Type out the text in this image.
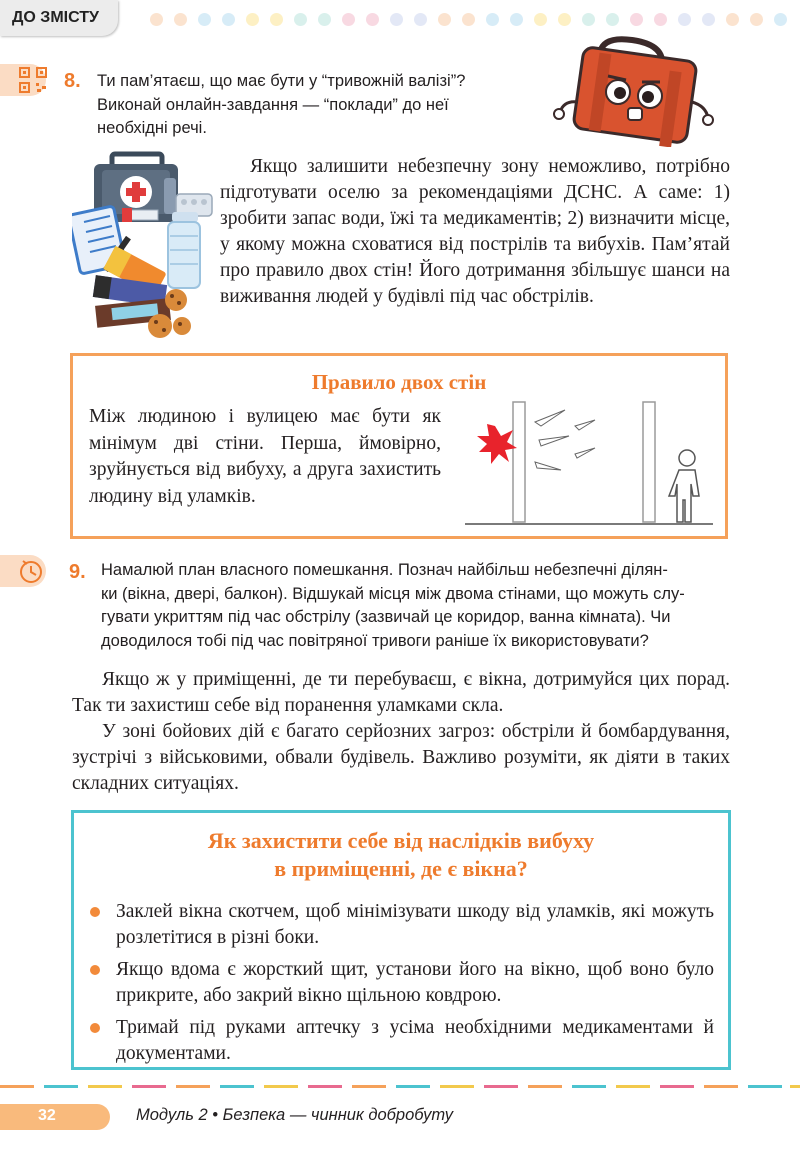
ДО ЗМІСТУ
8. Ти пам’ятаєш, що має бути у “тривожній валізі”?
Виконай онлайн-завдання — “поклади” до неї
необхідні речі.

Якщо залишити небезпечну зону неможливо, потрібно підготувати оселю за рекомендаціями ДСНС. А саме: 1) зробити запас води, їжі та медикаментів; 2) визначити місце, у якому можна сховатися від пострілів та вибухів. Пам’ятай про правило двох стін! Його дотримання збільшує шанси на виживання людей у будівлі під час обстрілів.

Правило двох стін

Між людиною і вулицею має бути як мінімум дві стіни. Перша, ймовірно, зруйнується від вибуху, а друга захистить людину від уламків.

9. Намалюй план власного помешкання. Познач найбільш небезпечні ділян-
ки (вікна, двері, балкон). Відшукай місця між двома стінами, що можуть слу-
гувати укриттям під час обстрілу (зазвичай це коридор, ванна кімната). Чи
доводилося тобі під час повітряної тривоги раніше їх використовувати?

Якщо ж у приміщенні, де ти перебуваєш, є вікна, дотримуйся цих порад. Так ти захистиш себе від поранення уламками скла.

У зоні бойових дій є багато серйозних загроз: обстріли й бомбардування, зустрічі з військовими, обвали будівель. Важливо розуміти, як діяти в таких складних ситуаціях.

Як захистити себе від наслідків вибуху
в приміщенні, де є вікна?
Заклей вікна скотчем, щоб мінімізувати шкоду від уламків, які можуть розлетітися в різні боки.
Якщо вдома є жорсткий щит, установи його на вікно, щоб воно було прикрите, або закрий вікно щільною ковдрою.
Тримай під руками аптечку з усіма необхідними медикаментами й документами.
32	Модуль 2 • Безпека — чинник добробуту
